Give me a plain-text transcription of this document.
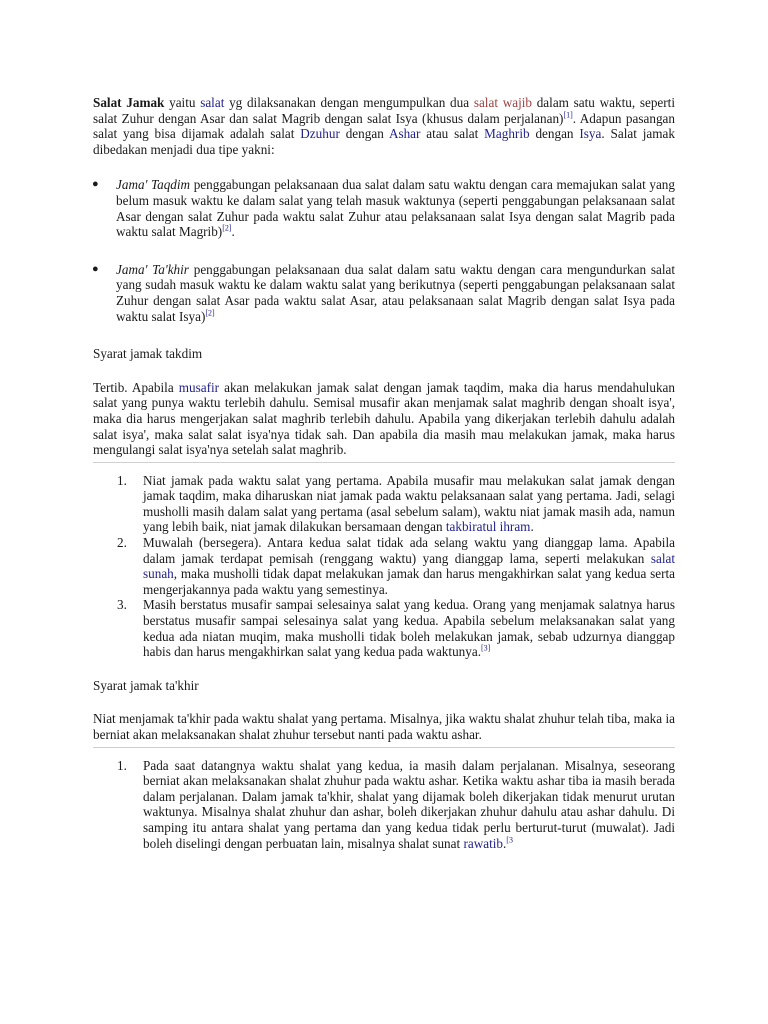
Salat Jamak yaitu salat yg dilaksanakan dengan mengumpulkan dua salat wajib dalam satu waktu, seperti salat Zuhur dengan Asar dan salat Magrib dengan salat Isya (khusus dalam perjalanan)[1]. Adapun pasangan salat yang bisa dijamak adalah salat Dzuhur dengan Ashar atau salat Maghrib dengan Isya. Salat jamak dibedakan menjadi dua tipe yakni:

● Jama' Taqdim penggabungan pelaksanaan dua salat dalam satu waktu dengan cara memajukan salat yang belum masuk waktu ke dalam salat yang telah masuk waktunya (seperti penggabungan pelaksanaan salat Asar dengan salat Zuhur pada waktu salat Zuhur atau pelaksanaan salat Isya dengan salat Magrib pada waktu salat Magrib)[2].
● Jama' Ta'khir penggabungan pelaksanaan dua salat dalam satu waktu dengan cara mengundurkan salat yang sudah masuk waktu ke dalam waktu salat yang berikutnya (seperti penggabungan pelaksanaan salat Zuhur dengan salat Asar pada waktu salat Asar, atau pelaksanaan salat Magrib dengan salat Isya pada waktu salat Isya)[2]

Syarat jamak takdim

Tertib. Apabila musafir akan melakukan jamak salat dengan jamak taqdim, maka dia harus mendahulukan salat yang punya waktu terlebih dahulu. Semisal musafir akan menjamak salat maghrib dengan shoalt isya', maka dia harus mengerjakan salat maghrib terlebih dahulu. Apabila yang dikerjakan terlebih dahulu adalah salat isya', maka salat salat isya'nya tidak sah. Dan apabila dia masih mau melakukan jamak, maka harus mengulangi salat isya'nya setelah salat maghrib.

1. Niat jamak pada waktu salat yang pertama. Apabila musafir mau melakukan salat jamak dengan jamak taqdim, maka diharuskan niat jamak pada waktu pelaksanaan salat yang pertama. Jadi, selagi musholli masih dalam salat yang pertama (asal sebelum salam), waktu niat jamak masih ada, namun yang lebih baik, niat jamak dilakukan bersamaan dengan takbiratul ihram.
2. Muwalah (bersegera). Antara kedua salat tidak ada selang waktu yang dianggap lama. Apabila dalam jamak terdapat pemisah (renggang waktu) yang dianggap lama, seperti melakukan salat sunah, maka musholli tidak dapat melakukan jamak dan harus mengakhirkan salat yang kedua serta mengerjakannya pada waktu yang semestinya.
3. Masih berstatus musafir sampai selesainya salat yang kedua. Orang yang menjamak salatnya harus berstatus musafir sampai selesainya salat yang kedua. Apabila sebelum melaksanakan salat yang kedua ada niatan muqim, maka musholli tidak boleh melakukan jamak, sebab udzurnya dianggap habis dan harus mengakhirkan salat yang kedua pada waktunya.[3]

Syarat jamak ta'khir

Niat menjamak ta'khir pada waktu shalat yang pertama. Misalnya, jika waktu shalat zhuhur telah tiba, maka ia berniat akan melaksanakan shalat zhuhur tersebut nanti pada waktu ashar.

1. Pada saat datangnya waktu shalat yang kedua, ia masih dalam perjalanan. Misalnya, seseorang berniat akan melaksanakan shalat zhuhur pada waktu ashar. Ketika waktu ashar tiba ia masih berada dalam perjalanan. Dalam jamak ta'khir, shalat yang dijamak boleh dikerjakan tidak menurut urutan waktunya. Misalnya shalat zhuhur dan ashar, boleh dikerjakan zhuhur dahulu atau ashar dahulu. Di samping itu antara shalat yang pertama dan yang kedua tidak perlu berturut-turut (muwalat). Jadi boleh diselingi dengan perbuatan lain, misalnya shalat sunat rawatib.$^{[3}$
